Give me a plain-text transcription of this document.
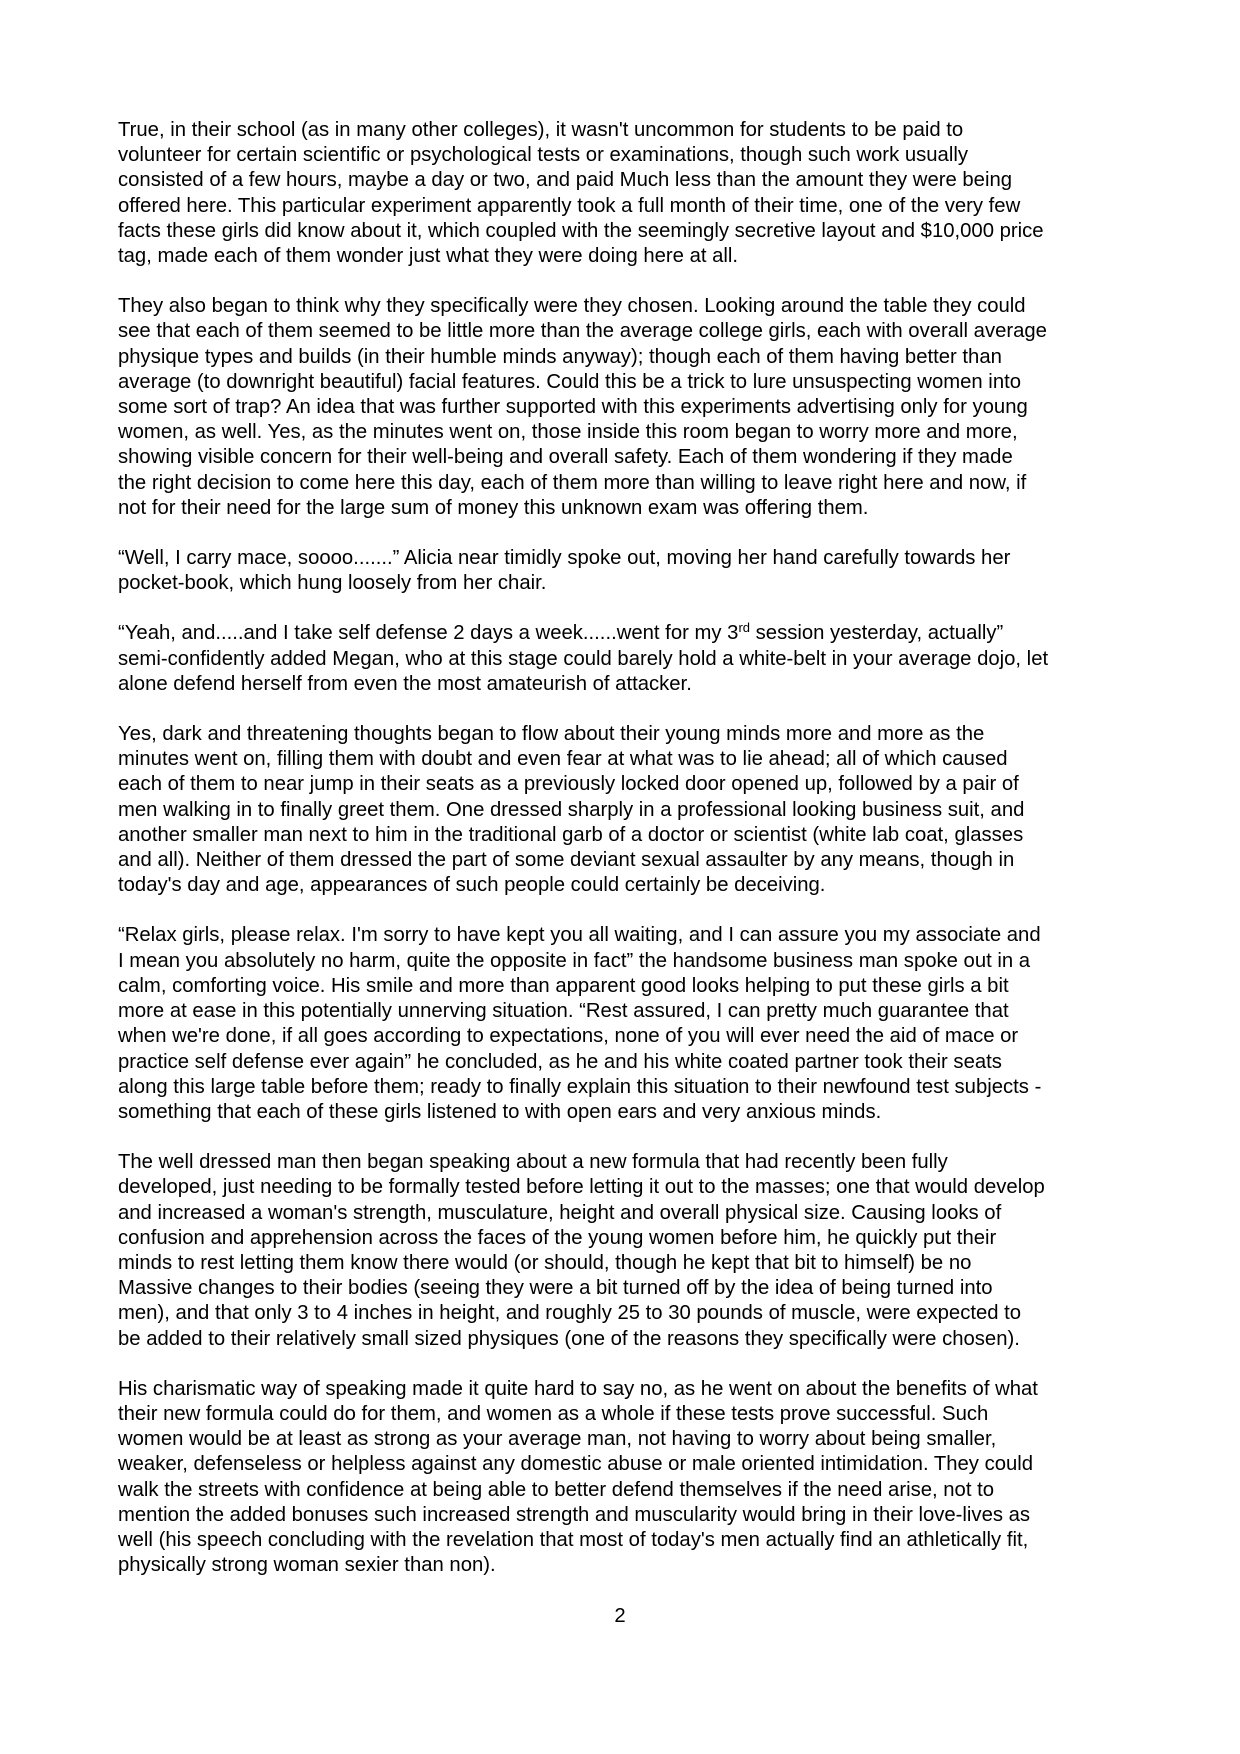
True, in their school (as in many other colleges), it wasn't uncommon for students to be paid to
volunteer for certain scientific or psychological tests or examinations, though such work usually
consisted of a few hours, maybe a day or two, and paid Much less than the amount they were being
offered here. This particular experiment apparently took a full month of their time, one of the very few
facts these girls did know about it, which coupled with the seemingly secretive layout and $10,000 price
tag, made each of them wonder just what they were doing here at all.

They also began to think why they specifically were they chosen. Looking around the table they could
see that each of them seemed to be little more than the average college girls, each with overall average
physique types and builds (in their humble minds anyway); though each of them having better than
average (to downright beautiful) facial features. Could this be a trick to lure unsuspecting women into
some sort of trap? An idea that was further supported with this experiments advertising only for young
women, as well. Yes, as the minutes went on, those inside this room began to worry more and more,
showing visible concern for their well-being and overall safety. Each of them wondering if they made
the right decision to come here this day, each of them more than willing to leave right here and now, if
not for their need for the large sum of money this unknown exam was offering them.

“Well, I carry mace, soooo.......” Alicia near timidly spoke out, moving her hand carefully towards her
pocket-book, which hung loosely from her chair.

“Yeah, and.....and I take self defense 2 days a week......went for my 3rd session yesterday, actually”
semi-confidently added Megan, who at this stage could barely hold a white-belt in your average dojo, let
alone defend herself from even the most amateurish of attacker.

Yes, dark and threatening thoughts began to flow about their young minds more and more as the
minutes went on, filling them with doubt and even fear at what was to lie ahead; all of which caused
each of them to near jump in their seats as a previously locked door opened up, followed by a pair of
men walking in to finally greet them. One dressed sharply in a professional looking business suit, and
another smaller man next to him in the traditional garb of a doctor or scientist (white lab coat, glasses
and all). Neither of them dressed the part of some deviant sexual assaulter by any means, though in
today's day and age, appearances of such people could certainly be deceiving.

“Relax girls, please relax. I'm sorry to have kept you all waiting, and I can assure you my associate and
I mean you absolutely no harm, quite the opposite in fact” the handsome business man spoke out in a
calm, comforting voice. His smile and more than apparent good looks helping to put these girls a bit
more at ease in this potentially unnerving situation. “Rest assured, I can pretty much guarantee that
when we're done, if all goes according to expectations, none of you will ever need the aid of mace or
practice self defense ever again” he concluded, as he and his white coated partner took their seats
along this large table before them; ready to finally explain this situation to their newfound test subjects -
something that each of these girls listened to with open ears and very anxious minds.

The well dressed man then began speaking about a new formula that had recently been fully
developed, just needing to be formally tested before letting it out to the masses; one that would develop
and increased a woman's strength, musculature, height and overall physical size. Causing looks of
confusion and apprehension across the faces of the young women before him, he quickly put their
minds to rest letting them know there would (or should, though he kept that bit to himself) be no
Massive changes to their bodies (seeing they were a bit turned off by the idea of being turned into
men), and that only 3 to 4 inches in height, and roughly 25 to 30 pounds of muscle, were expected to
be added to their relatively small sized physiques (one of the reasons they specifically were chosen).

His charismatic way of speaking made it quite hard to say no, as he went on about the benefits of what
their new formula could do for them, and women as a whole if these tests prove successful. Such
women would be at least as strong as your average man, not having to worry about being smaller,
weaker, defenseless or helpless against any domestic abuse or male oriented intimidation. They could
walk the streets with confidence at being able to better defend themselves if the need arise, not to
mention the added bonuses such increased strength and muscularity would bring in their love-lives as
well (his speech concluding with the revelation that most of today's men actually find an athletically fit,
physically strong woman sexier than non).

2
